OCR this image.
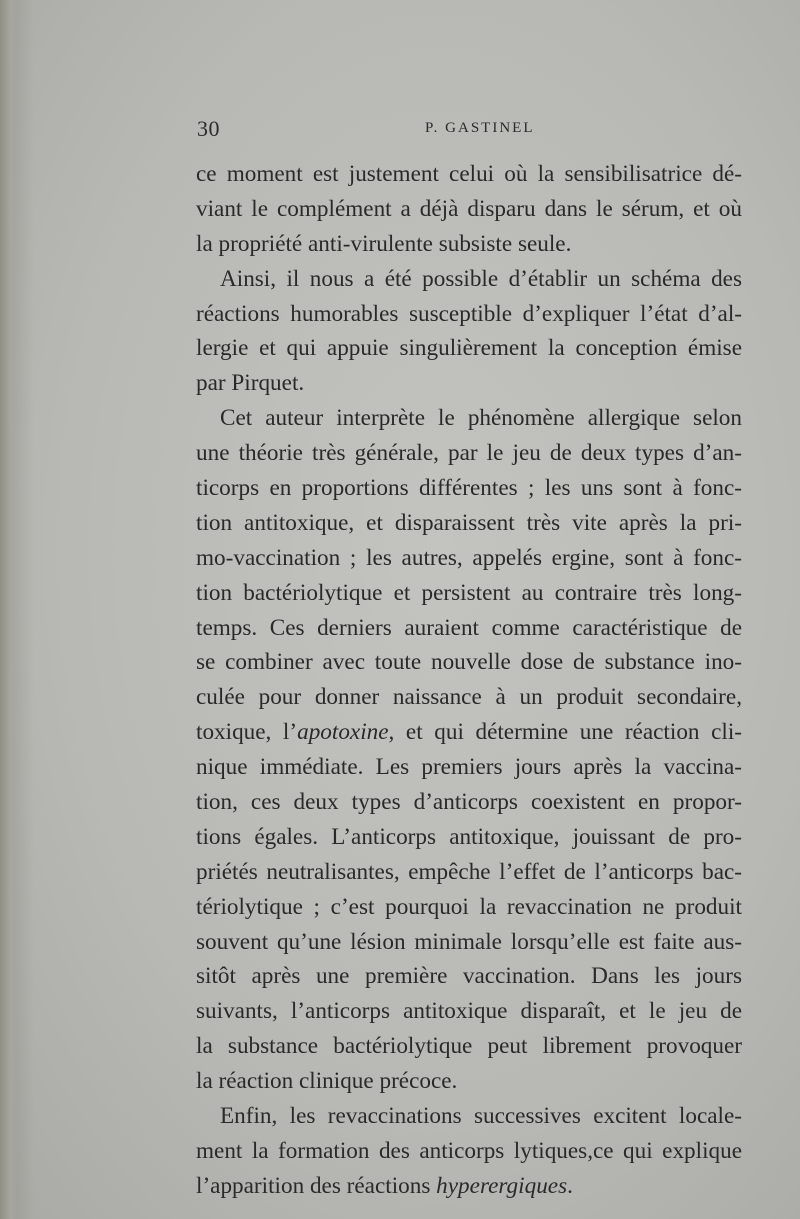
30	P. GASTINEL
ce moment est justement celui où la sensibilisatrice dé-
viant le complément a déjà disparu dans le sérum, et où
la propriété anti-virulente subsiste seule.
Ainsi, il nous a été possible d’établir un schéma des
réactions humorables susceptible d’expliquer l’état d’al-
lergie et qui appuie singulièrement la conception émise
par Pirquet.
Cet auteur interprète le phénomène allergique selon
une théorie très générale, par le jeu de deux types d’an-
ticorps en proportions différentes ; les uns sont à fonc-
tion antitoxique, et disparaissent très vite après la pri-
mo-vaccination ; les autres, appelés ergine, sont à fonc-
tion bactériolytique et persistent au contraire très long-
temps. Ces derniers auraient comme caractéristique de
se combiner avec toute nouvelle dose de substance ino-
culée pour donner naissance à un produit secondaire,
toxique, l’apotoxine, et qui détermine une réaction cli-
nique immédiate. Les premiers jours après la vaccina-
tion, ces deux types d’anticorps coexistent en propor-
tions égales. L’anticorps antitoxique, jouissant de pro-
priétés neutralisantes, empêche l’effet de l’anticorps bac-
tériolytique ; c’est pourquoi la revaccination ne produit
souvent qu’une lésion minimale lorsqu’elle est faite aus-
sitôt après une première vaccination. Dans les jours
suivants, l’anticorps antitoxique disparaît, et le jeu de
la substance bactériolytique peut librement provoquer
la réaction clinique précoce.
Enfin, les revaccinations successives excitent locale-
ment la formation des anticorps lytiques,ce qui explique
l’apparition des réactions hyperergiques.
